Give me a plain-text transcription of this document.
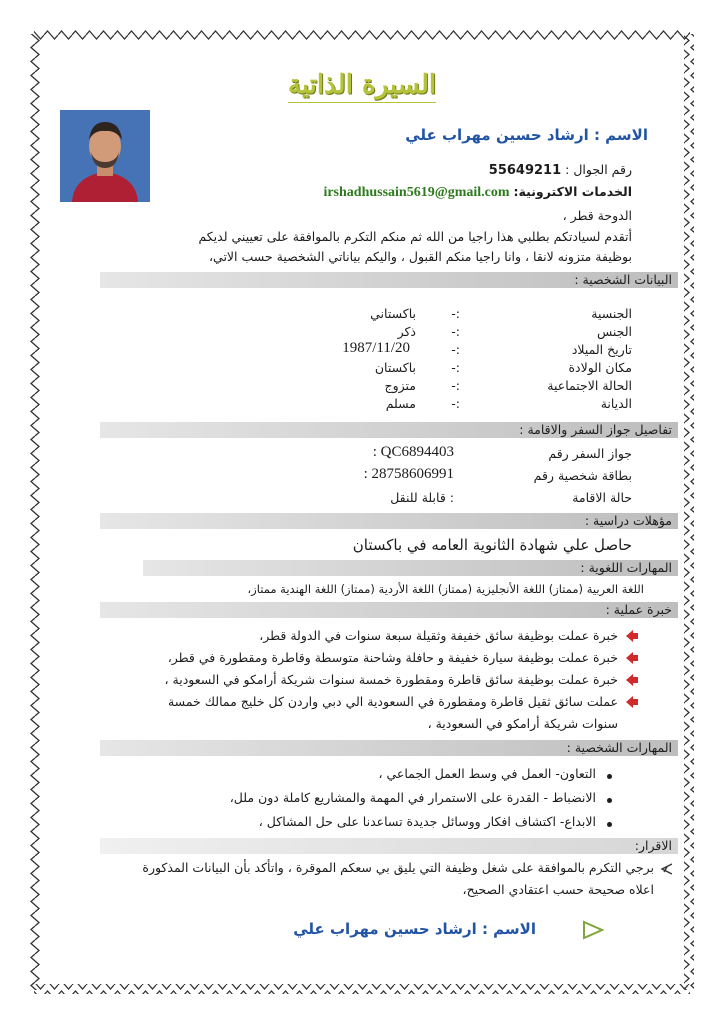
السيرة الذاتية
الاسم : ارشاد حسين مهراب علي
رقم الجوال : 55649211
الخدمات الاكترونية: irshadhussain5619@gmail.com
الدوحة قطر ،
أتقدم لسيادتكم بطلبي هذا راجيا من الله ثم منكم التكرم بالموافقة على تعييني لديكم
بوظيفة متزونه لانقا ، وانا راجيا منكم القبول ، واليكم بياناتي الشخصية حسب الاتي،
البيانات الشخصية :
الجنسية
:-
باكستاني
الجنس
:-
ذكر
تاريخ الميلاد
:-
1987/11/20
مكان الولادة
:-
باكستان
الحالة الاجتماعية
:-
متزوج
الديانة
:-
مسلم
تفاصيل جواز السفر والاقامة :
جواز السفر رقم
QC6894403 :
بطاقة شخصية رقم
28758606991 :
حالة الاقامة
: قابلة للنقل
مؤهلات دراسية :
حاصل علي شهادة الثانوية العامه في باكستان
المهارات اللغوية :
اللغة العربية (ممتاز) اللغة الأنجليزية (ممتاز) اللغة الأردية (ممتاز) اللغة الهندية ممتاز،
خبرة عملية :
خبرة عملت بوظيفة سائق خفيفة وثقيلة سبعة سنوات في الدولة قطر،
خبرة عملت بوظيفة سيارة خفيفة و حافلة وشاحنة متوسطة وقاطرة ومقطورة في قطر،
خبرة عملت بوظيفة سائق قاطرة ومقطورة خمسة سنوات شريكة أرامكو في السعودية ،
عملت سائق ثقيل قاطرة ومقطورة في السعودية الي دبي واردن كل خليج ممالك خمسة
سنوات شريكة أرامكو في السعودية ،
المهارات الشخصية :
التعاون- العمل في وسط العمل الجماعي ،
الانضباط - القدرة على الاستمرار في المهمة والمشاريع كاملة دون ملل،
الابداع- اكتشاف افكار ووسائل جديدة تساعدنا على حل المشاكل ،
الاقرار:
برجي التكرم بالموافقة على شغل وظيفة التي يليق بي سعكم الموقرة ، واتأكد بأن البيانات المذكورة
اعلاه صحيحة حسب اعتقادي الصحيح،
الاسم : ارشاد حسين مهراب علي
